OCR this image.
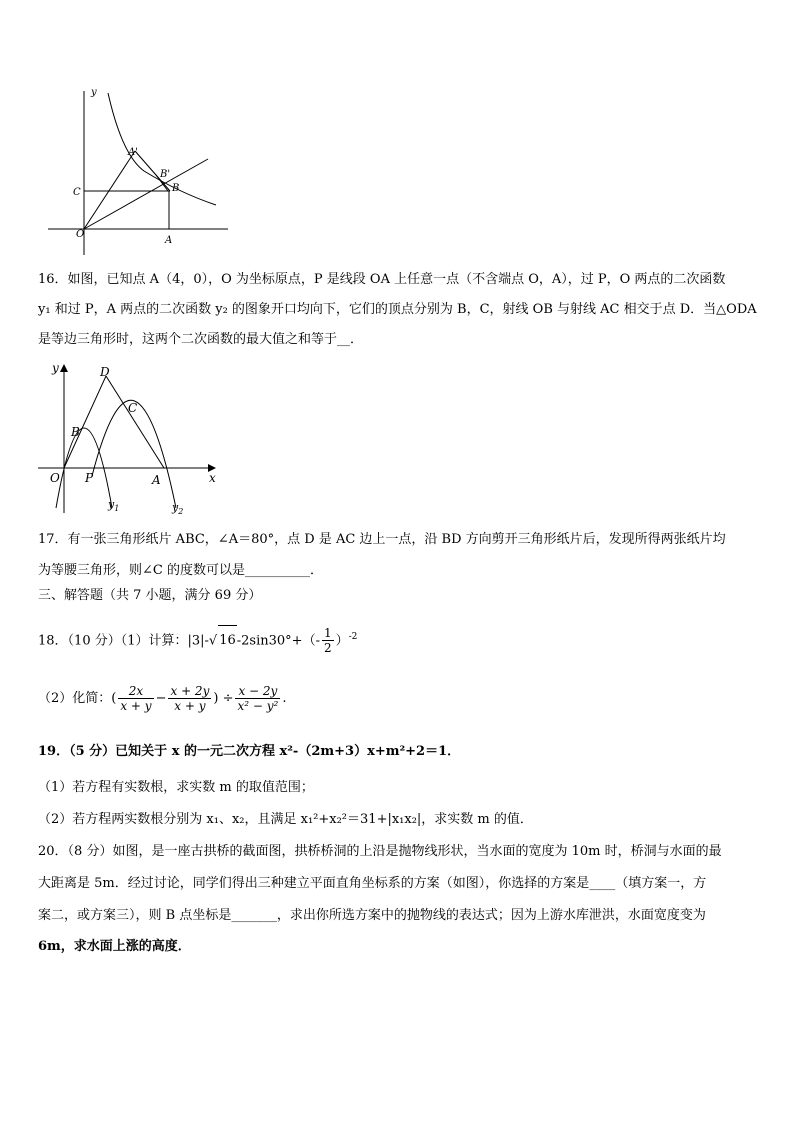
y
A'
B'
B
C
O
A
16．如图，已知点 A（4，0），O 为坐标原点，P 是线段 OA 上任意一点（不含端点 O，A），过 P，O 两点的二次函数
y₁ 和过 P，A 两点的二次函数 y₂ 的图象开口均向下，它们的顶点分别为 B，C，射线 OB 与射线 AC 相交于点 D．当△ODA
是等边三角形时，这两个二次函数的最大值之和等于__．
y
x
D
C
B
O P	A
$y_1$	$y_2$
17．有一张三角形纸片 ABC，∠A＝80°，点 D 是 AC 边上一点，沿 BD 方向剪开三角形纸片后，发现所得两张纸片均
为等腰三角形，则∠C 的度数可以是__________．
三、解答题（共 7 小题，满分 69 分）
18．（10 分）（1）计算：|3|-√ $16-2\sin 30^\circ+(- \frac{1}{2} )^{-2}$
（2）化简：( $\frac{2x}{x + y} - \frac{x + 2y}{x + y}$ ) ÷ $\frac{x - 2y}{\text{x² − y²}}$ .
19．（5 分）已知关于 x 的一元二次方程 x²-（2m+3）x+m²+2＝1．
（1）若方程有实数根，求实数 m 的取值范围；
（2）若方程两实数根分别为 x₁、x₂，且满足 x₁²+x₂²＝31+|x₁x₂|，求实数 m 的值．
20．（8 分）如图，是一座古拱桥的截面图，拱桥桥洞的上沿是抛物线形状，当水面的宽度为 10m 时，桥洞与水面的最
大距离是 5m．经过讨论，同学们得出三种建立平面直角坐标系的方案（如图），你选择的方案是____（填方案一，方
案二，或方案三），则 B 点坐标是_______，求出你所选方案中的抛物线的表达式；因为上游水库泄洪，水面宽度变为
6m，求水面上涨的高度．
